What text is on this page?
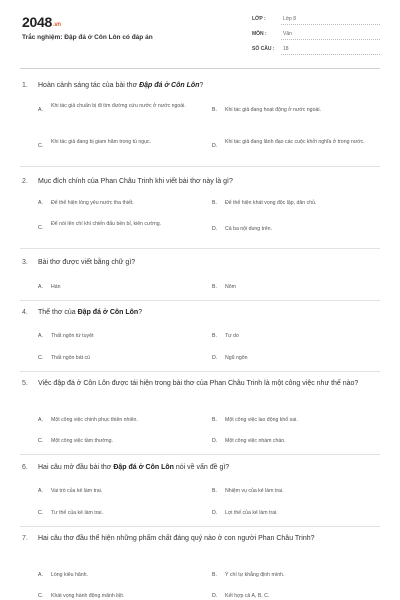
2048.vn
Trắc nghiệm: Đập đá ở Côn Lôn có đáp án
LỚP :	Lớp 8
MÔN :	Văn
SỐ CÂU : 18
1. Hoàn cảnh sáng tác của bài thơ Đập đá ở Côn Lôn?
A.
Khi tác giả chuẩn bị đi tìm đường cứu nước ở nước ngoài.
B. Khi tác giả đang hoạt động ở nước ngoài.
C.
Khi tác giả đang bị giam hãm trong tù ngục.
D.
Khi tác giả đang lãnh đạo các cuộc khởi nghĩa ở trong nước.
2. Mục đích chính của Phan Châu Trinh khi viết bài thơ này là gì?
A. Để thể hiện lòng yêu nước tha thiết.	B. Để thể hiện khát vọng độc lập, dân chủ.
C.
Để nói lên chí khí chiến đấu bền bỉ, kiên cường.
D. Cả ba nội dung trên.
3. Bài thơ được viết bằng chữ gì?
A. Hán	B. Nôm
4. Thể thơ của Đập đá ở Côn Lôn?
A. Thất ngôn tứ tuyệt	B. Tự do
C. Thất ngôn bát cú	D. Ngũ ngôn
5. Việc đập đá ở Côn Lôn được tái hiện trong bài thơ của Phan Châu Trinh là một công việc như thế nào?
A. Một công việc chinh phục thiên nhiên.	B. Một công việc lao động khổ sai.
C. Một công việc tầm thường.	D. Một công việc nhàm chán.
6. Hai câu mở đầu bài thơ Đập đá ở Côn Lôn nói về vấn đề gì?
A. Vai trò của kẻ làm trai.	B. Nhiệm vụ của kẻ làm trai.
C. Tư thế của kẻ làm trai.	D. Lợi thế của kẻ làm trai.
7. Hai câu thơ đầu thể hiện những phẩm chất đáng quý nào ở con người Phan Châu Trinh?
A. Lòng kiêu hãnh.	B. Ý chí tự khẳng định mình.
C. Khát vọng hành động mãnh liệt.	D. Kết hợp cả A, B, C.
